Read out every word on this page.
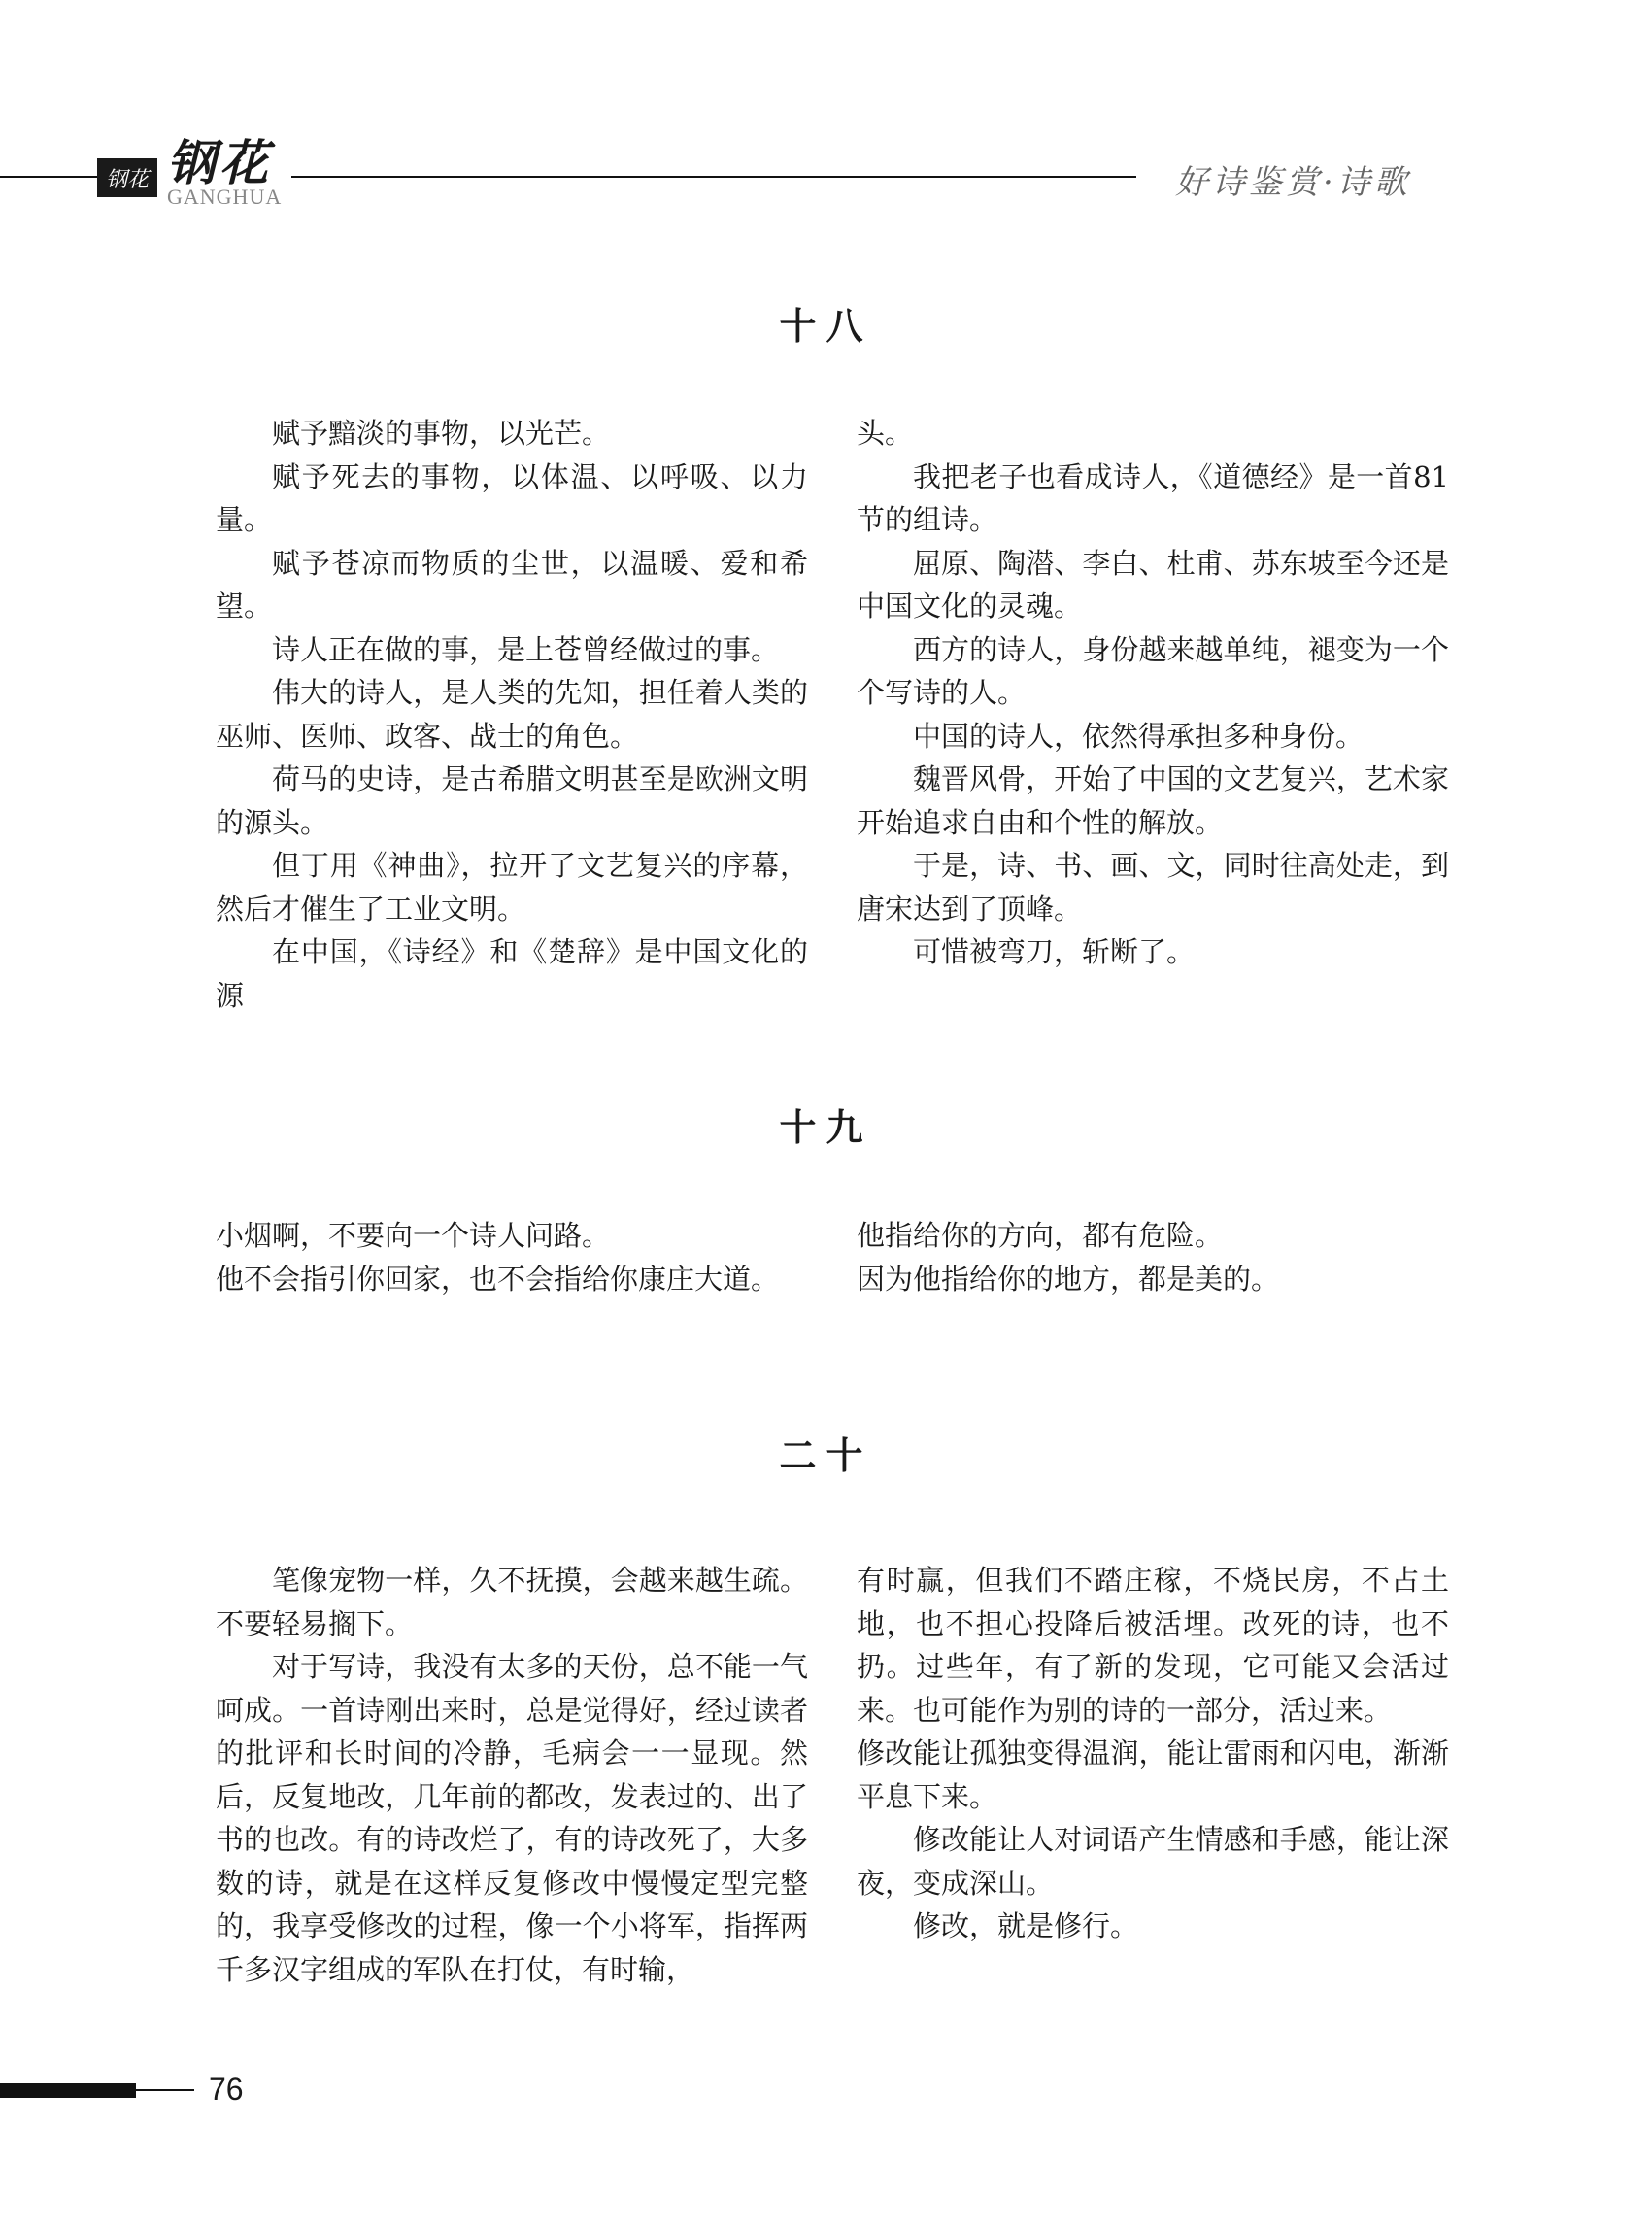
钢花 钢花
GANGHUA	好诗鉴赏·诗歌
十八

赋予黯淡的事物，以光芒。

赋予死去的事物，以体温、以呼吸、以力量。

赋予苍凉而物质的尘世，以温暖、爱和希望。

诗人正在做的事，是上苍曾经做过的事。

伟大的诗人，是人类的先知，担任着人类的巫师、医师、政客、战士的角色。

荷马的史诗，是古希腊文明甚至是欧洲文明的源头。

但丁用《神曲》，拉开了文艺复兴的序幕，然后才催生了工业文明。

在中国，《诗经》和《楚辞》是中国文化的源

头。

我把老子也看成诗人，《道德经》是一首81节的组诗。

屈原、陶潜、李白、杜甫、苏东坡至今还是中国文化的灵魂。

西方的诗人，身份越来越单纯，褪变为一个个写诗的人。

中国的诗人，依然得承担多种身份。

魏晋风骨，开始了中国的文艺复兴，艺术家开始追求自由和个性的解放。

于是，诗、书、画、文，同时往高处走，到唐宋达到了顶峰。

可惜被弯刀，斩断了。

十九

小烟啊，不要向一个诗人问路。

他不会指引你回家，也不会指给你康庄大道。

他指给你的方向，都有危险。

因为他指给你的地方，都是美的。

二十

笔像宠物一样，久不抚摸，会越来越生疏。不要轻易搁下。

对于写诗，我没有太多的天份，总不能一气呵成。一首诗刚出来时，总是觉得好，经过读者的批评和长时间的冷静，毛病会一一显现。然后，反复地改，几年前的都改，发表过的、出了书的也改。有的诗改烂了，有的诗改死了，大多数的诗，就是在这样反复修改中慢慢定型完整的，我享受修改的过程，像一个小将军，指挥两千多汉字组成的军队在打仗，有时输，

有时赢，但我们不踏庄稼，不烧民房，不占土地，也不担心投降后被活埋。改死的诗，也不扔。过些年，有了新的发现，它可能又会活过来。也可能作为别的诗的一部分，活过来。

修改能让孤独变得温润，能让雷雨和闪电，渐渐平息下来。

修改能让人对词语产生情感和手感，能让深夜，变成深山。

修改，就是修行。

76
